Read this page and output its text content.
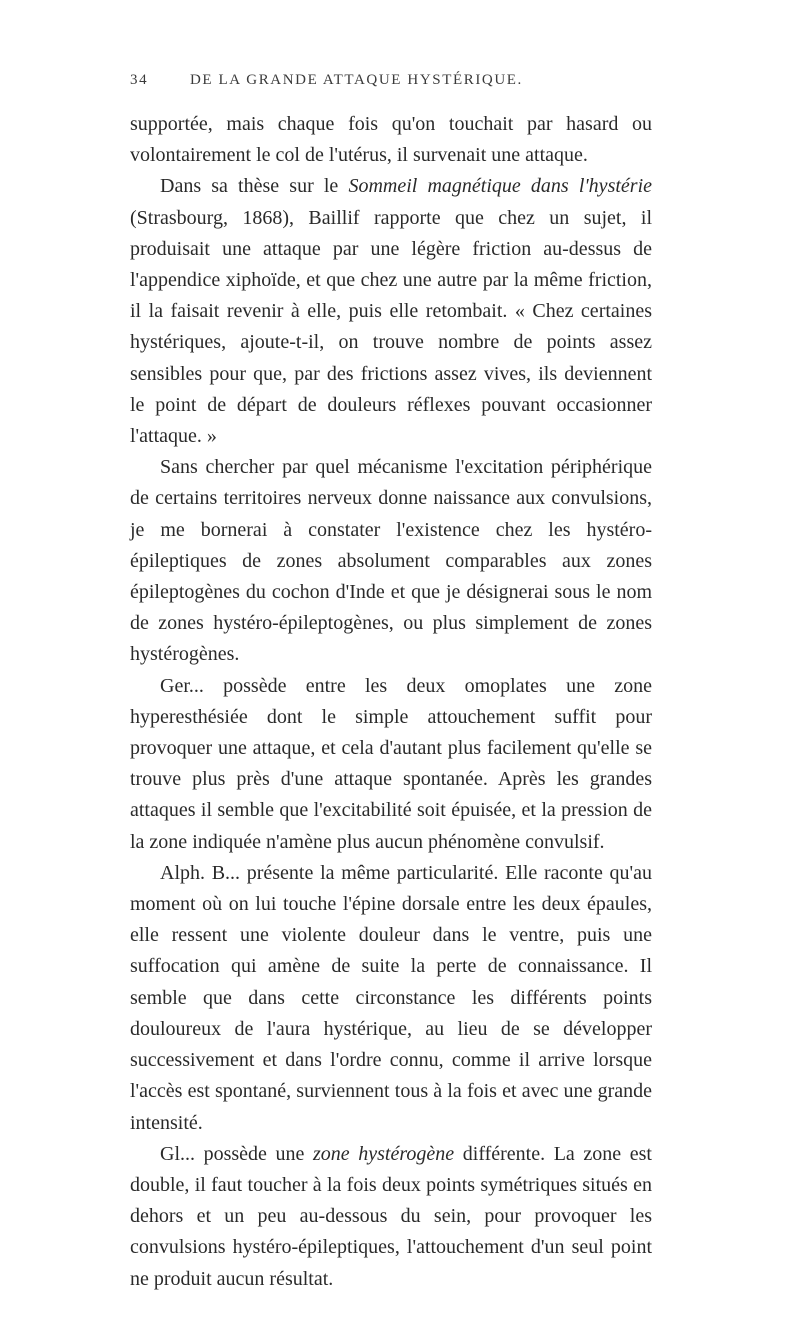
34	DE LA GRANDE ATTAQUE HYSTÉRIQUE.

supportée, mais chaque fois qu'on touchait par hasard ou volontairement le col de l'utérus, il survenait une attaque.

Dans sa thèse sur le Sommeil magnétique dans l'hystérie (Strasbourg, 1868), Baillif rapporte que chez un sujet, il produisait une attaque par une légère friction au-dessus de l'appendice xiphoïde, et que chez une autre par la même friction, il la faisait revenir à elle, puis elle retombait. « Chez certaines hystériques, ajoute-t-il, on trouve nombre de points assez sensibles pour que, par des frictions assez vives, ils deviennent le point de départ de douleurs réflexes pouvant occasionner l'attaque. »

Sans chercher par quel mécanisme l'excitation périphérique de certains territoires nerveux donne naissance aux convulsions, je me bornerai à constater l'existence chez les hystéro-épileptiques de zones absolument comparables aux zones épileptogènes du cochon d'Inde et que je désignerai sous le nom de zones hystéro-épileptogènes, ou plus simplement de zones hystérogènes.

Ger... possède entre les deux omoplates une zone hyperesthésiée dont le simple attouchement suffit pour provoquer une attaque, et cela d'autant plus facilement qu'elle se trouve plus près d'une attaque spontanée. Après les grandes attaques il semble que l'excitabilité soit épuisée, et la pression de la zone indiquée n'amène plus aucun phénomène convulsif.

Alph. B... présente la même particularité. Elle raconte qu'au moment où on lui touche l'épine dorsale entre les deux épaules, elle ressent une violente douleur dans le ventre, puis une suffocation qui amène de suite la perte de connaissance. Il semble que dans cette circonstance les différents points douloureux de l'aura hystérique, au lieu de se développer successivement et dans l'ordre connu, comme il arrive lorsque l'accès est spontané, surviennent tous à la fois et avec une grande intensité.

Gl... possède une zone hystérogène différente. La zone est double, il faut toucher à la fois deux points symétriques situés en dehors et un peu au-dessous du sein, pour provoquer les convulsions hystéro-épileptiques, l'attouchement d'un seul point ne produit aucun résultat.
